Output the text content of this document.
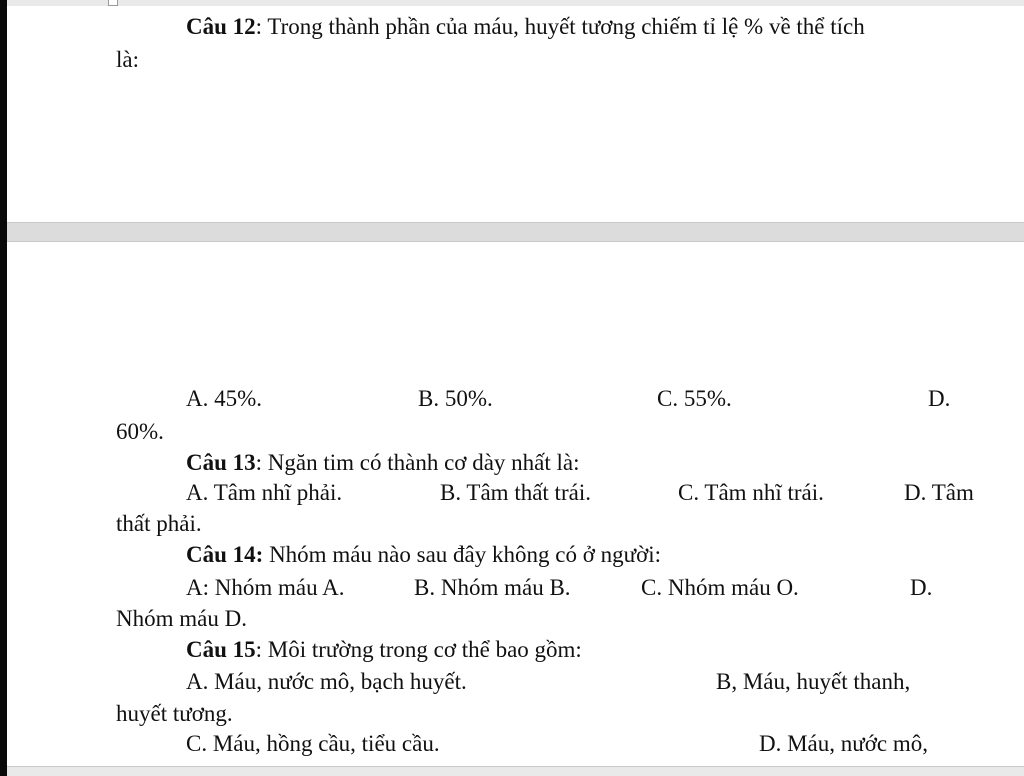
Câu 12: Trong thành phần của máu, huyết tương chiếm tỉ lệ % về thể tích
là:
A. 45%.	B. 50%.	C. 55%.	D.
60%.
Câu 13: Ngăn tim có thành cơ dày nhất là:
A. Tâm nhĩ phải.	B. Tâm thất trái.	C. Tâm nhĩ trái.	D. Tâm
thất phải.
Câu 14: Nhóm máu nào sau đây không có ở người:
A: Nhóm máu A.	B. Nhóm máu B.	C. Nhóm máu O.	D.
Nhóm máu D.
Câu 15: Môi trường trong cơ thể bao gồm:
A. Máu, nước mô, bạch huyết.	B, Máu, huyết thanh,
huyết tương.
C. Máu, hồng cầu, tiểu cầu.	D. Máu, nước mô,
